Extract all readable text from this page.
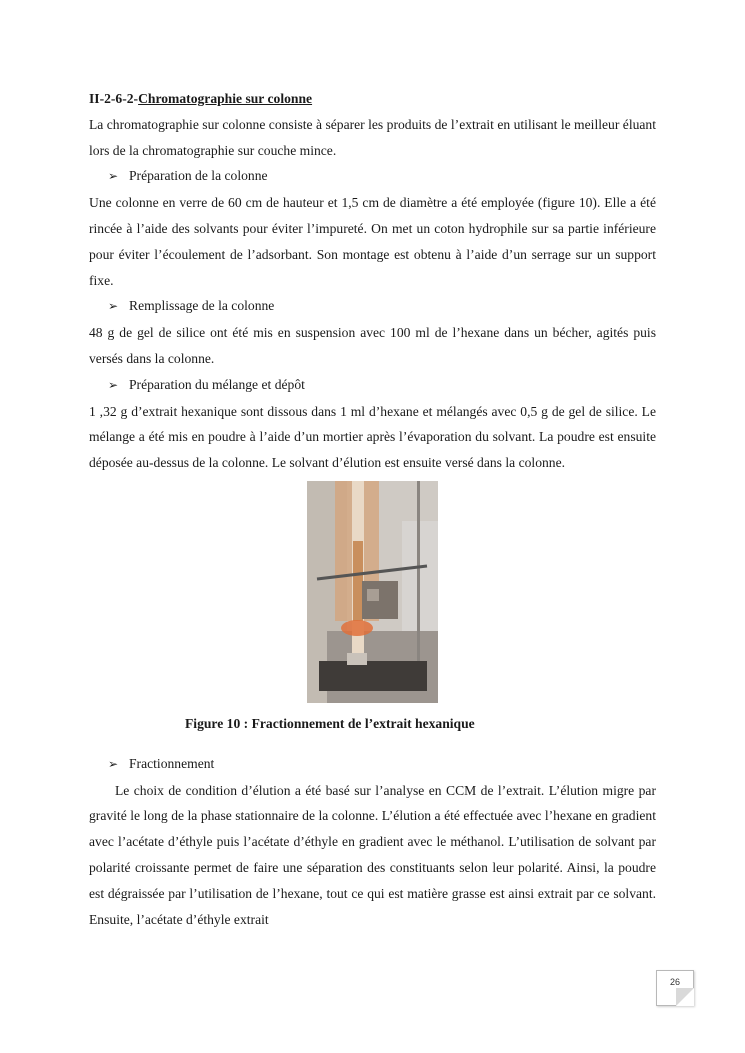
II-2-6-2-Chromatographie sur colonne

La chromatographie sur colonne consiste à séparer les produits de l’extrait en utilisant le meilleur éluant lors de la chromatographie sur couche mince.

➢ Préparation de la colonne

Une colonne en verre de 60 cm de hauteur et 1,5 cm de diamètre a été employée (figure 10). Elle a été rincée à l’aide des solvants pour éviter l’impureté. On met un coton hydrophile sur sa partie inférieure pour éviter l’écoulement de l’adsorbant. Son montage est obtenu à l’aide d’un serrage sur un support fixe.

➢ Remplissage de la colonne

48 g de gel de silice ont été mis en suspension avec 100 ml de l’hexane dans un bécher, agités puis versés dans la colonne.

➢ Préparation du mélange et dépôt

1 ,32 g d’extrait hexanique sont dissous dans 1 ml d’hexane et mélangés avec 0,5 g de gel de silice. Le mélange a été mis en poudre à l’aide d’un mortier après l’évaporation du solvant. La poudre est ensuite déposée au-dessus de la colonne. Le solvant d’élution est ensuite versé dans la colonne.

Figure 10 : Fractionnement de l’extrait hexanique

➢ Fractionnement

Le choix de condition d’élution a été basé sur l’analyse en CCM de l’extrait. L’élution migre par gravité le long de la phase stationnaire de la colonne. L’élution a été effectuée avec l’hexane en gradient avec l’acétate d’éthyle puis l’acétate d’éthyle en gradient avec le méthanol. L’utilisation de solvant par polarité croissante permet de faire une séparation des constituants selon leur polarité. Ainsi, la poudre est dégraissée par l’utilisation de l’hexane, tout ce qui est matière grasse est ainsi extrait par ce solvant. Ensuite, l’acétate d’éthyle extrait

26
